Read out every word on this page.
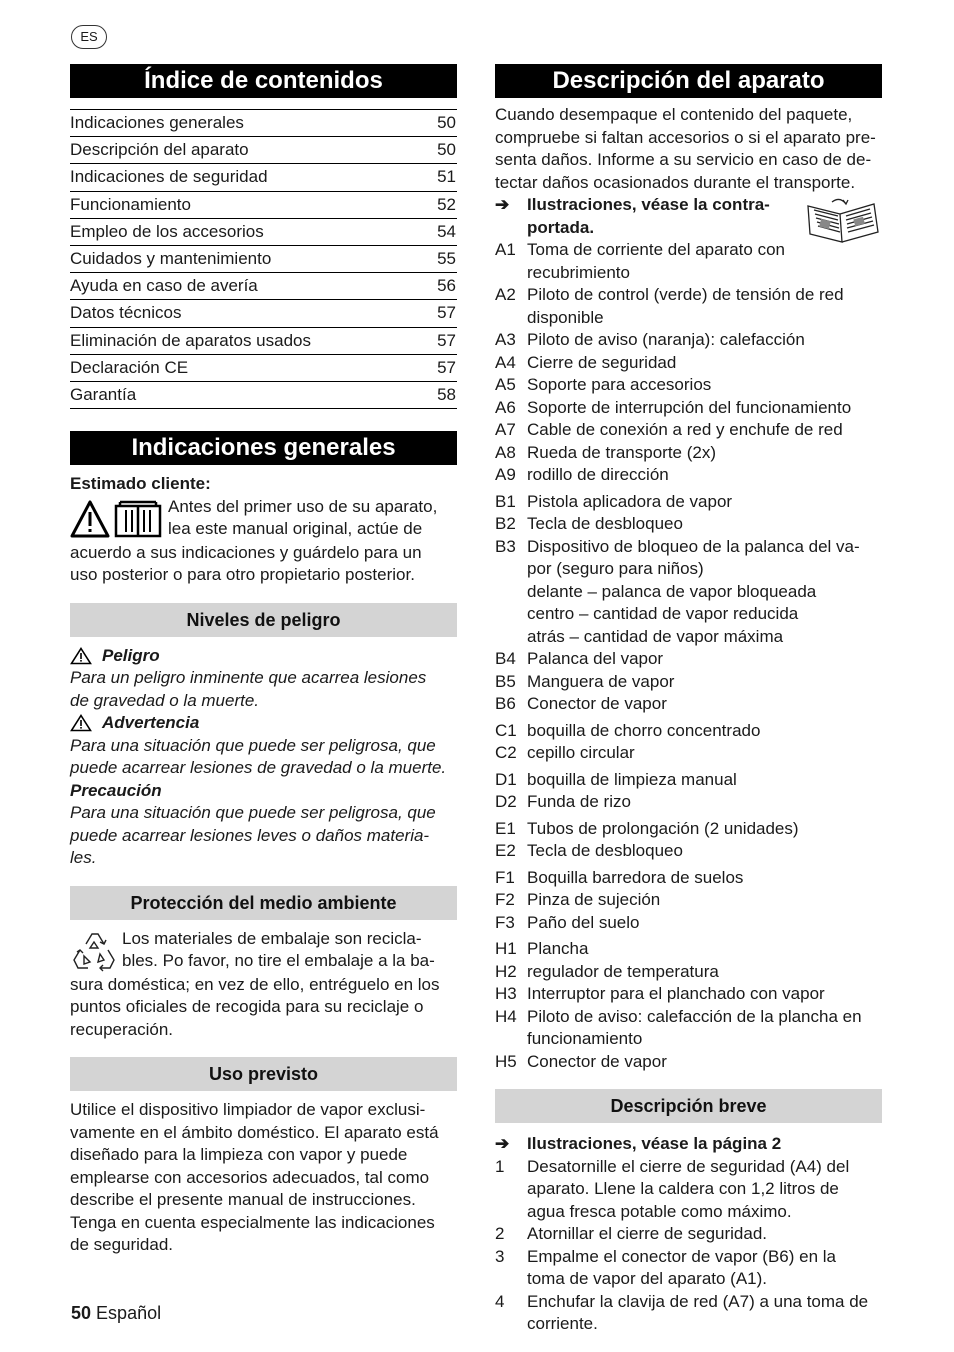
ES
Índice de contenidos
Indicaciones generales	50
Descripción del aparato	50
Indicaciones de seguridad	51
Funcionamiento	52
Empleo de los accesorios	54
Cuidados y mantenimiento	55
Ayuda en caso de avería	56
Datos técnicos	57
Eliminación de aparatos usados	57
Declaración CE	57
Garantía	58
Indicaciones generales

Estimado cliente:

Antes del primer uso de su aparato,

lea este manual original, actúe de

acuerdo a sus indicaciones y guárdelo para un

uso posterior o para otro propietario posterior.

Niveles de peligro
Peligro

Para un peligro inminente que acarrea lesiones

de gravedad o la muerte.

Advertencia

Para una situación que puede ser peligrosa, que

puede acarrear lesiones de gravedad o la muerte.

Precaución

Para una situación que puede ser peligrosa, que

puede acarrear lesiones leves o daños materia-

les.

Protección del medio ambiente

Los materiales de embalaje son recicla-

bles. Po favor, no tire el embalaje a la ba-

sura doméstica; en vez de ello, entréguelo en los

puntos oficiales de recogida para su reciclaje o

recuperación.

Uso previsto

Utilice el dispositivo limpiador de vapor exclusi-

vamente en el ámbito doméstico. El aparato está

diseñado para la limpieza con vapor y puede

emplearse con accesorios adecuados, tal como

describe el presente manual de instrucciones.

Tenga en cuenta especialmente las indicaciones

de seguridad.

Descripción del aparato

Cuando desempaque el contenido del paquete,

compruebe si faltan accesorios o si el aparato pre-

senta daños. Informe a su servicio en caso de de-

tectar daños ocasionados durante el transporte.

➔	Ilustraciones, véase la contra-

portada.

A1 Toma de corriente del aparato con

recubrimiento

A2 Piloto de control (verde) de tensión de red

disponible

A3 Piloto de aviso (naranja): calefacción

A4 Cierre de seguridad

A5 Soporte para accesorios

A6 Soporte de interrupción del funcionamiento

A7 Cable de conexión a red y enchufe de red

A8 Rueda de transporte (2x)

A9 rodillo de dirección

B1 Pistola aplicadora de vapor

B2 Tecla de desbloqueo

B3 Dispositivo de bloqueo de la palanca del va-

por (seguro para niños)

delante – palanca de vapor bloqueada

centro – cantidad de vapor reducida

atrás – cantidad de vapor máxima

B4 Palanca del vapor

B5 Manguera de vapor

B6 Conector de vapor

C1 boquilla de chorro concentrado

C2 cepillo circular

D1 boquilla de limpieza manual

D2 Funda de rizo

E1 Tubos de prolongación (2 unidades)

E2 Tecla de desbloqueo

F1 Boquilla barredora de suelos

F2 Pinza de sujeción

F3 Paño del suelo

H1 Plancha

H2 regulador de temperatura

H3 Interruptor para el planchado con vapor

H4 Piloto de aviso: calefacción de la plancha en

funcionamiento

H5 Conector de vapor

Descripción breve
➔	Ilustraciones, véase la página 2
1	Desatornille el cierre de seguridad (A4) del

aparato. Llene la caldera con 1,2 litros de

agua fresca potable como máximo.

2	Atornillar el cierre de seguridad.

3	Empalme el conector de vapor (B6) en la

toma de vapor del aparato (A1).

4	Enchufar la clavija de red (A7) a una toma de

corriente.

50 Español
